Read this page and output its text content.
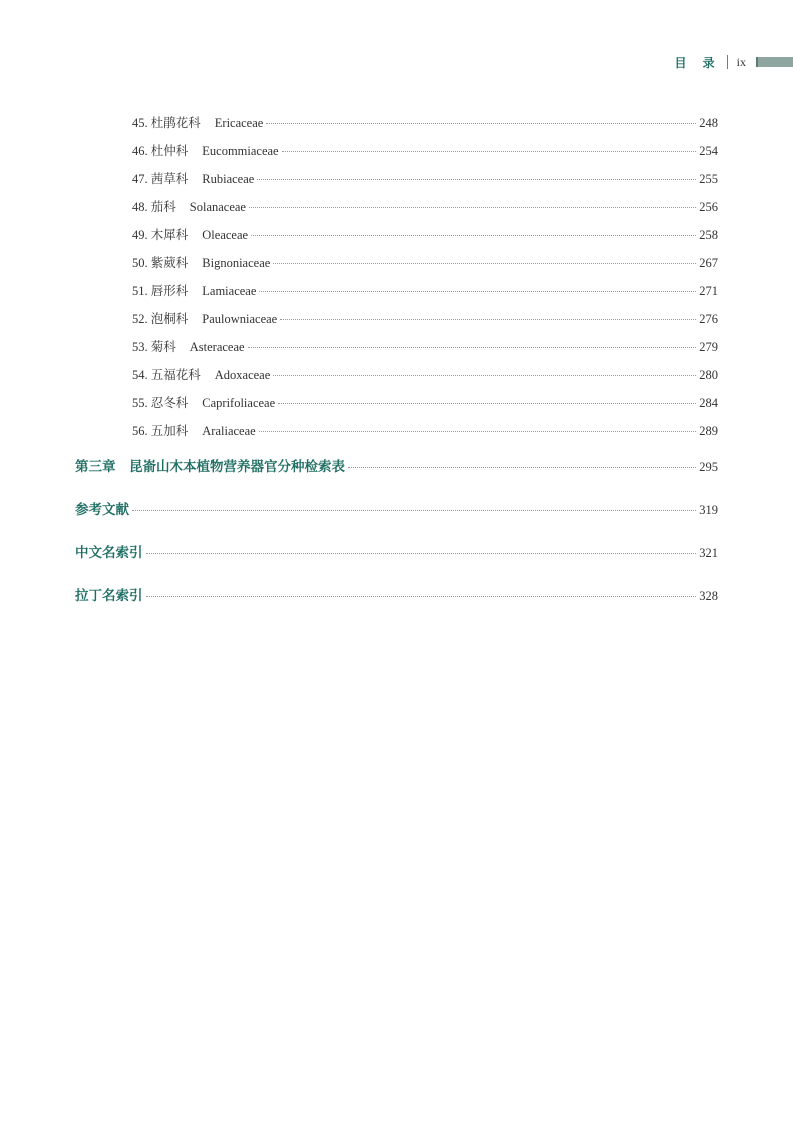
目 录 ix
45. 杜鹃花科 Ericaceae	248
46. 杜仲科 Eucommiaceae	254
47. 茜草科 Rubiaceae	255
48. 茄科 Solanaceae	256
49. 木犀科 Oleaceae	258
50. 紫葳科 Bignoniaceae	267
51. 唇形科 Lamiaceae	271
52. 泡桐科 Paulowniaceae	276
53. 菊科 Asteraceae	279
54. 五福花科 Adoxaceae	280
55. 忍冬科 Caprifoliaceae	284
56. 五加科 Araliaceae	289
第三章　昆嵛山木本植物营养器官分种检索表	295
参考文献	319
中文名索引	321
拉丁名索引	328
